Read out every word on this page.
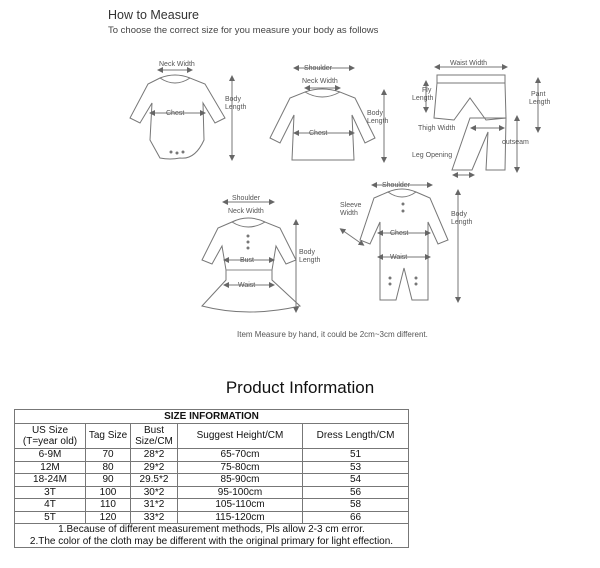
How to Measure
To choose the correct size for you measure your body as follows
Neck Width
Chest
Body
Length
Shoulder
Neck Width
Body
Length
Chest
Waist Width
Fly
Length
Pant
Length
Thigh Width
outseam
Leg Opening
Shoulder
Neck Width
Body
Length
Bust
Waist
Shoulder
Sleeve
Width	Body
Length
Chest
Waist
Item Measure by hand, it could be 2cm~3cm different.
Product Information
SIZE INFORMATION				
US Size (T=year old)	Tag Size	Bust Size/CM	Suggest Height/CM	Dress Length/CM
6-9M	70	28*2	65-70cm	51
12M	80	29*2	75-80cm	53
18-24M	90	29.5*2	85-90cm	54
3T	100	30*2	95-100cm	56
4T	110	31*2	105-110cm	58
5T	120	33*2	115-120cm	66
1.Because of different measurement methods, Pls allow 2-3 cm error.				
2.The color of the cloth may be different with the original primary for light effection.				
